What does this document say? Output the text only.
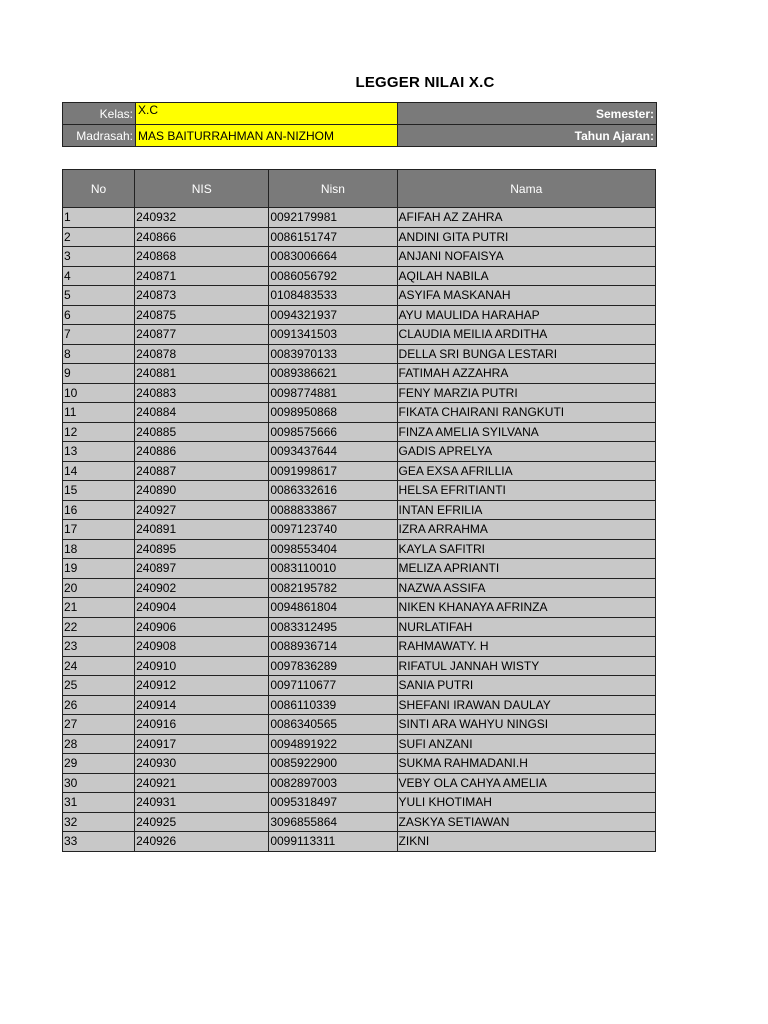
LEGGER NILAI X.C
Kelas:	X.C	Semester:
Madrasah:	MAS BAITURRAHMAN AN-NIZHOM	Tahun Ajaran:
No	NIS	Nisn	Nama
1	240932	0092179981	AFIFAH AZ ZAHRA
2	240866	0086151747	ANDINI GITA PUTRI
3	240868	0083006664	ANJANI NOFAISYA
4	240871	0086056792	AQILAH NABILA
5	240873	0108483533	ASYIFA MASKANAH
6	240875	0094321937	AYU MAULIDA HARAHAP
7	240877	0091341503	CLAUDIA MEILIA ARDITHA
8	240878	0083970133	DELLA SRI BUNGA LESTARI
9	240881	0089386621	FATIMAH AZZAHRA
10	240883	0098774881	FENY MARZIA PUTRI
11	240884	0098950868	FIKATA CHAIRANI RANGKUTI
12	240885	0098575666	FINZA AMELIA SYILVANA
13	240886	0093437644	GADIS APRELYA
14	240887	0091998617	GEA EXSA AFRILLIA
15	240890	0086332616	HELSA EFRITIANTI
16	240927	0088833867	INTAN EFRILIA
17	240891	0097123740	IZRA ARRAHMA
18	240895	0098553404	KAYLA SAFITRI
19	240897	0083110010	MELIZA APRIANTI
20	240902	0082195782	NAZWA ASSIFA
21	240904	0094861804	NIKEN KHANAYA AFRINZA
22	240906	0083312495	NURLATIFAH
23	240908	0088936714	RAHMAWATY. H
24	240910	0097836289	RIFATUL JANNAH WISTY
25	240912	0097110677	SANIA PUTRI
26	240914	0086110339	SHEFANI IRAWAN DAULAY
27	240916	0086340565	SINTI ARA WAHYU NINGSI
28	240917	0094891922	SUFI ANZANI
29	240930	0085922900	SUKMA RAHMADANI.H
30	240921	0082897003	VEBY OLA CAHYA AMELIA
31	240931	0095318497	YULI KHOTIMAH
32	240925	3096855864	ZASKYA SETIAWAN
33	240926	0099113311	ZIKNI
